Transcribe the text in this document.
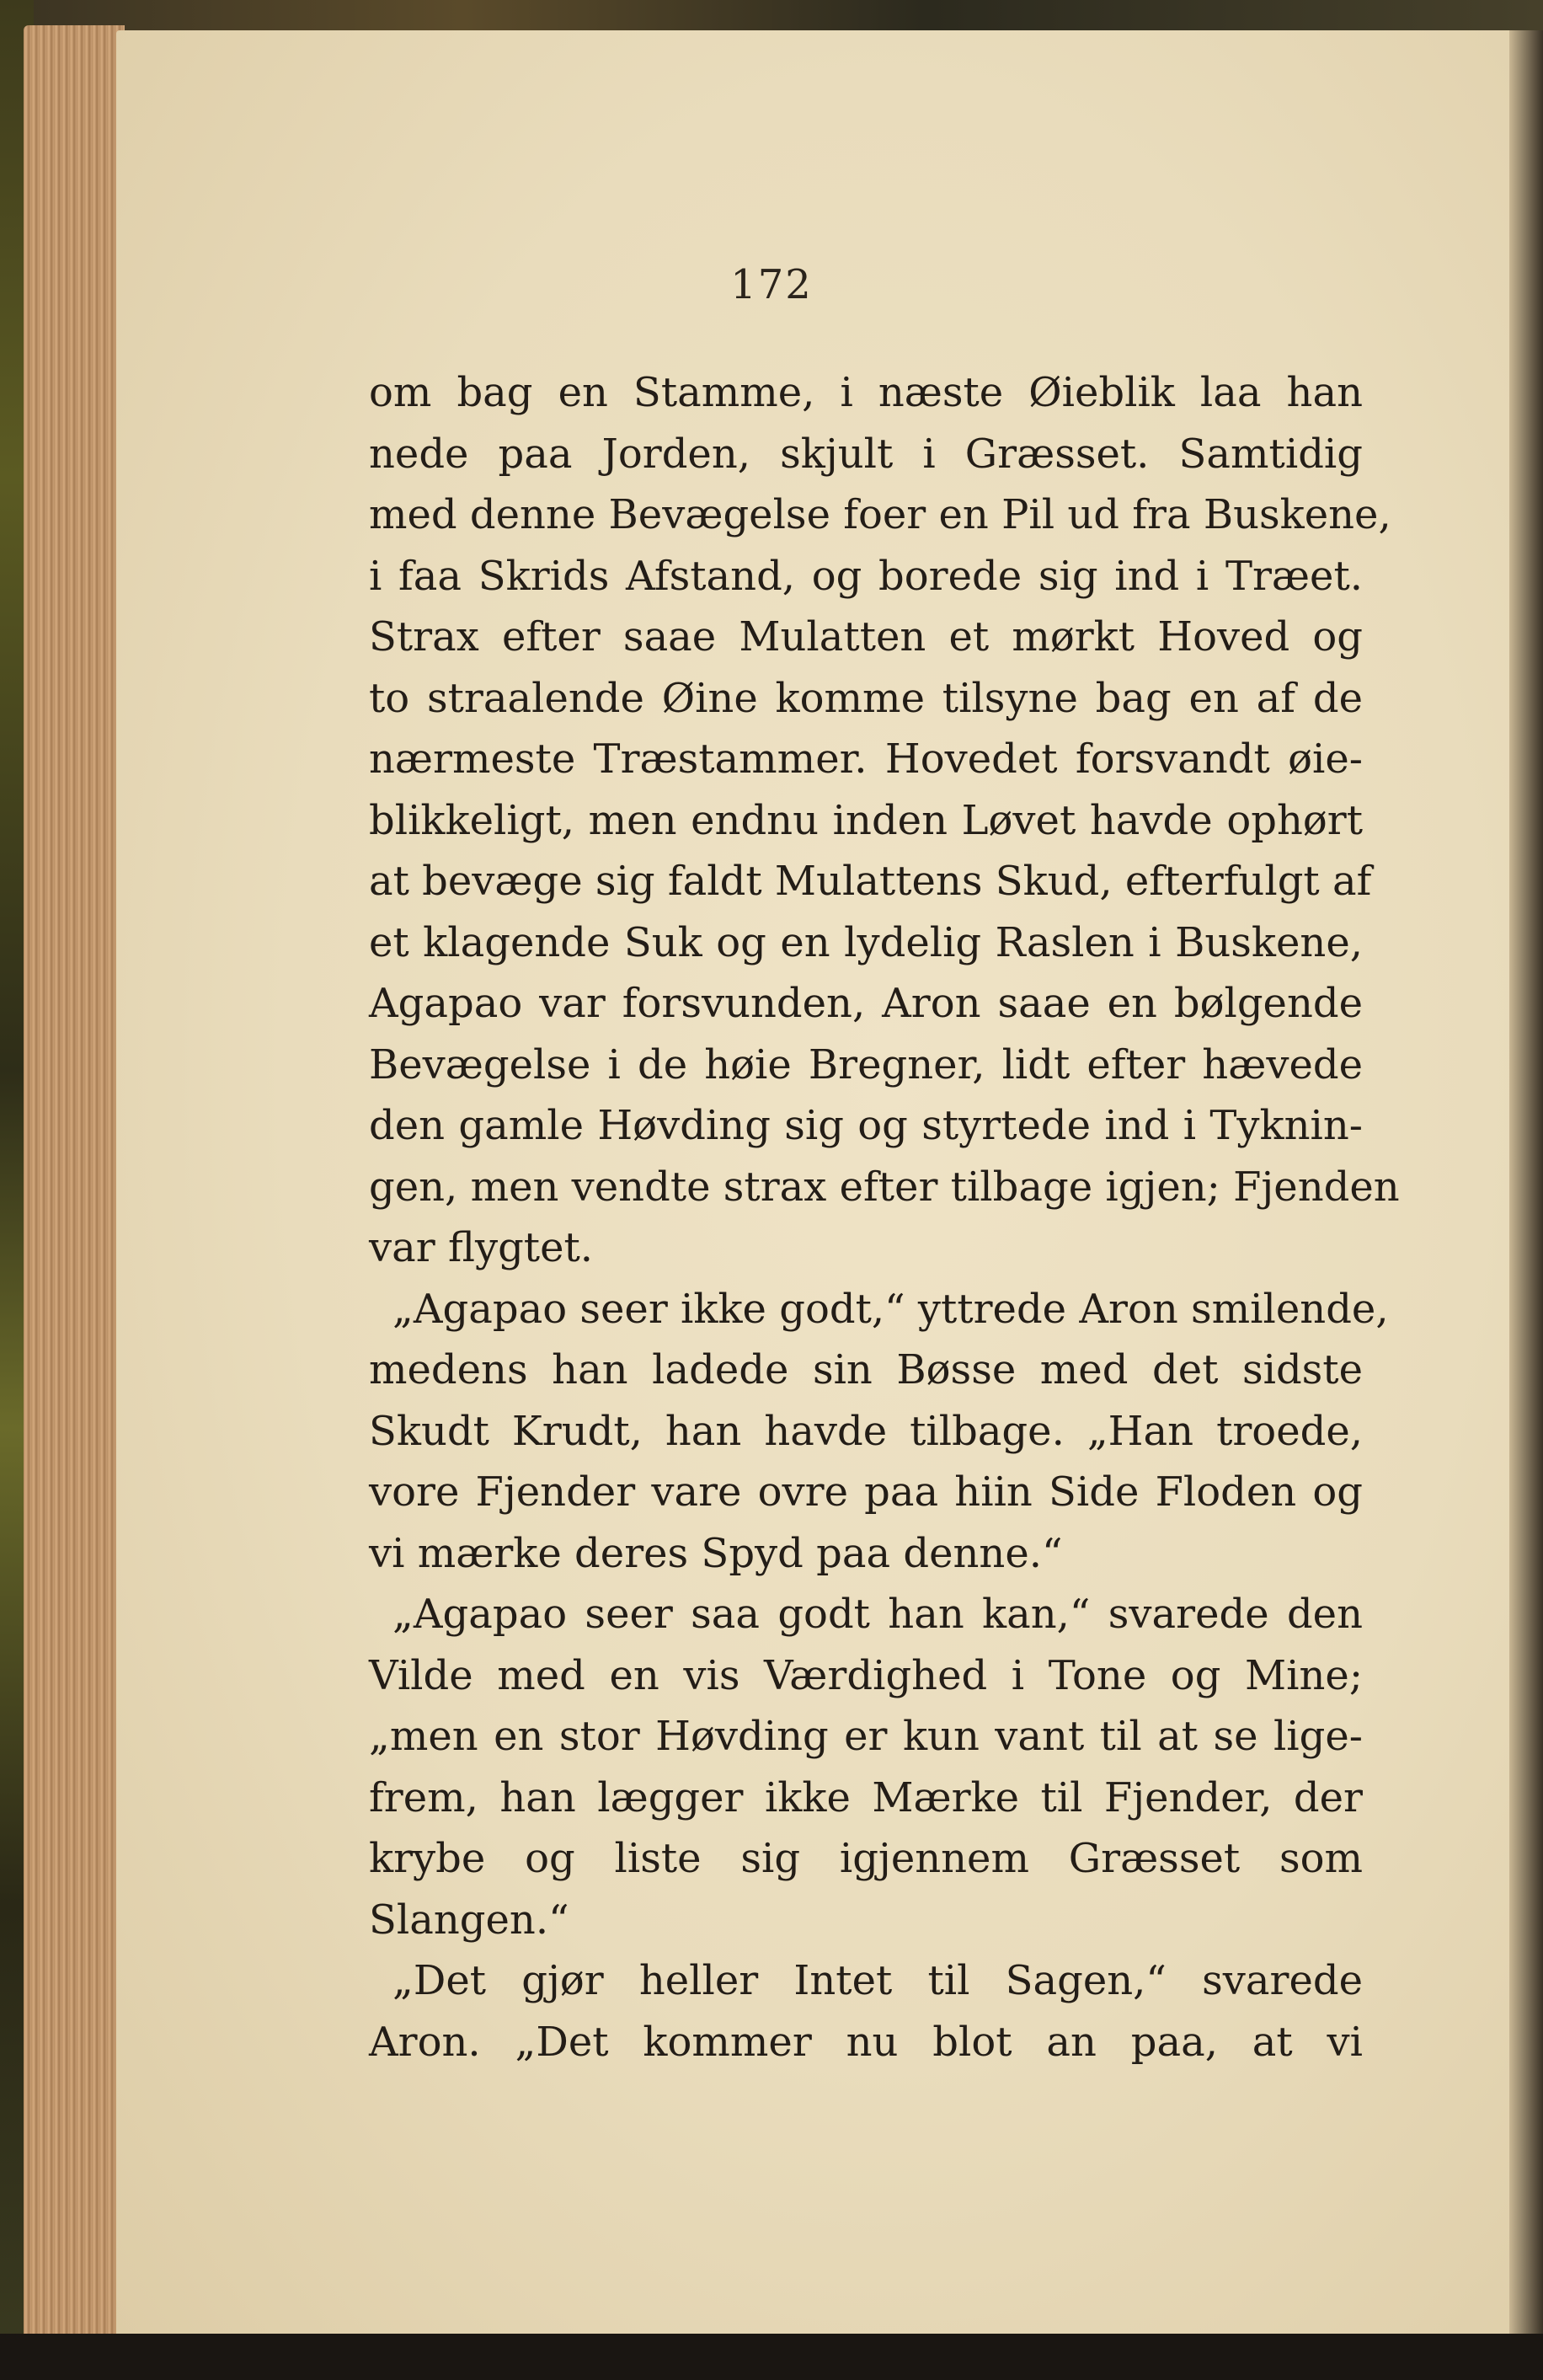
172
om bag en Stamme, i næste Øieblik laa han
nede paa Jorden, skjult i Græsset. Samtidig
med denne Bevægelse foer en Pil ud fra Buskene,
i faa Skrids Afstand, og borede sig ind i Træet.
Strax efter saae Mulatten et mørkt Hoved og
to straalende Øine komme tilsyne bag en af de
nærmeste Træstammer. Hovedet forsvandt øie-
blikkeligt, men endnu inden Løvet havde ophørt
at bevæge sig faldt Mulattens Skud, efterfulgt af
et klagende Suk og en lydelig Raslen i Buskene,
Agapao var forsvunden, Aron saae en bølgende
Bevægelse i de høie Bregner, lidt efter hævede
den gamle Høvding sig og styrtede ind i Tyknin-
gen, men vendte strax efter tilbage igjen; Fjenden
var flygtet.
„Agapao seer ikke godt,“ yttrede Aron smilende,
medens han ladede sin Bøsse med det sidste
Skudt Krudt, han havde tilbage. „Han troede,
vore Fjender vare ovre paa hiin Side Floden og
vi mærke deres Spyd paa denne.“
„Agapao seer saa godt han kan,“ svarede den
Vilde med en vis Værdighed i Tone og Mine;
„men en stor Høvding er kun vant til at se lige-
frem, han lægger ikke Mærke til Fjender, der
krybe og liste sig igjennem Græsset som
Slangen.“
„Det gjør heller Intet til Sagen,“ svarede
Aron. „Det kommer nu blot an paa, at vi
